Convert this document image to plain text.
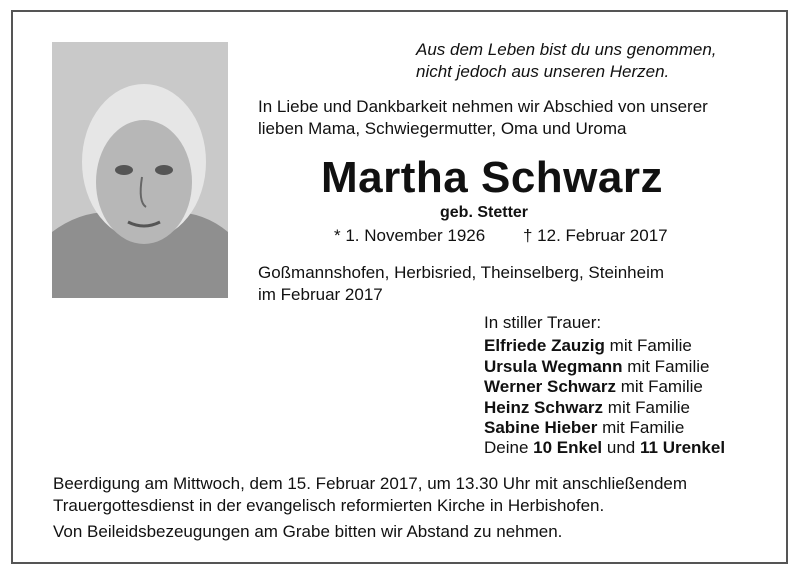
Aus dem Leben bist du uns genommen,
nicht jedoch aus unseren Herzen.
In Liebe und Dankbarkeit nehmen wir Abschied von unserer
lieben Mama, Schwiegermutter, Oma und Uroma
Martha Schwarz
geb. Stetter
* 1. November 1926 † 12. Februar 2017
Goßmannshofen, Herbisried, Theinselberg, Steinheim
im Februar 2017
In stiller Trauer:
Elfriede Zauzig mit Familie
Ursula Wegmann mit Familie
Werner Schwarz mit Familie
Heinz Schwarz mit Familie
Sabine Hieber mit Familie
Deine 10 Enkel und 11 Urenkel
Beerdigung am Mittwoch, dem 15. Februar 2017, um 13.30 Uhr mit anschließendem
Trauergottesdienst in der evangelisch reformierten Kirche in Herbishofen.
Von Beileidsbezeugungen am Grabe bitten wir Abstand zu nehmen.
